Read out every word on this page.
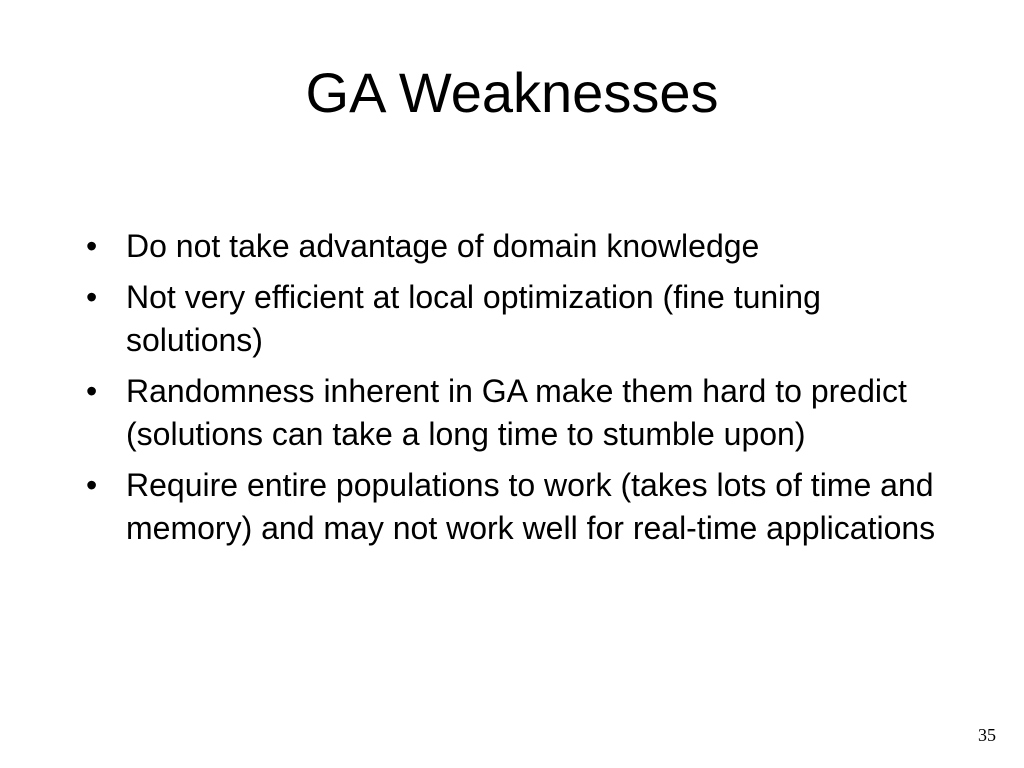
GA Weaknesses
• Do not take advantage of domain knowledge
• Not very efficient at local optimization (fine tuning solutions)
• Randomness inherent in GA make them hard to predict (solutions can take a long time to stumble upon)
• Require entire populations to work (takes lots of time and memory) and may not work well for real-time applications
35
